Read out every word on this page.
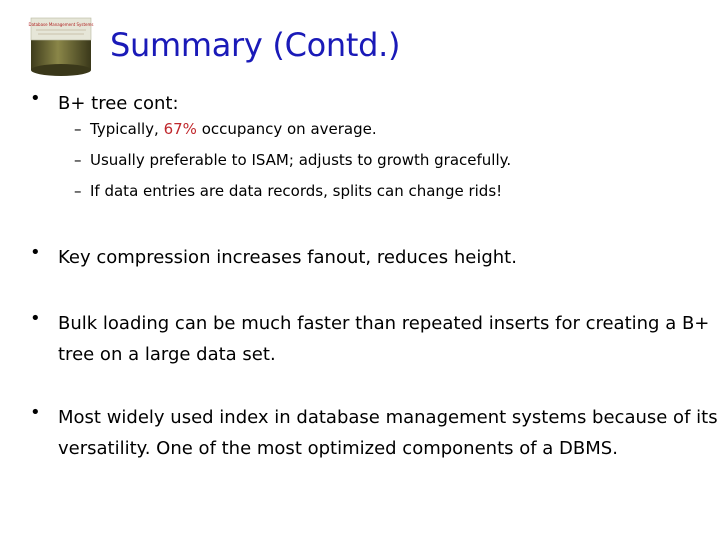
Database Management Systems
Summary (Contd.)
• B+ tree cont:
– Typically, 67% occupancy on average.
– Usually preferable to ISAM; adjusts to growth gracefully.
– If data entries are data records, splits can change rids!
• Key compression increases fanout, reduces height.
• Bulk loading can be much faster than repeated inserts for creating a B+
tree on a large data set.
• Most widely used index in database management systems because of its
versatility. One of the most optimized components of a DBMS.
